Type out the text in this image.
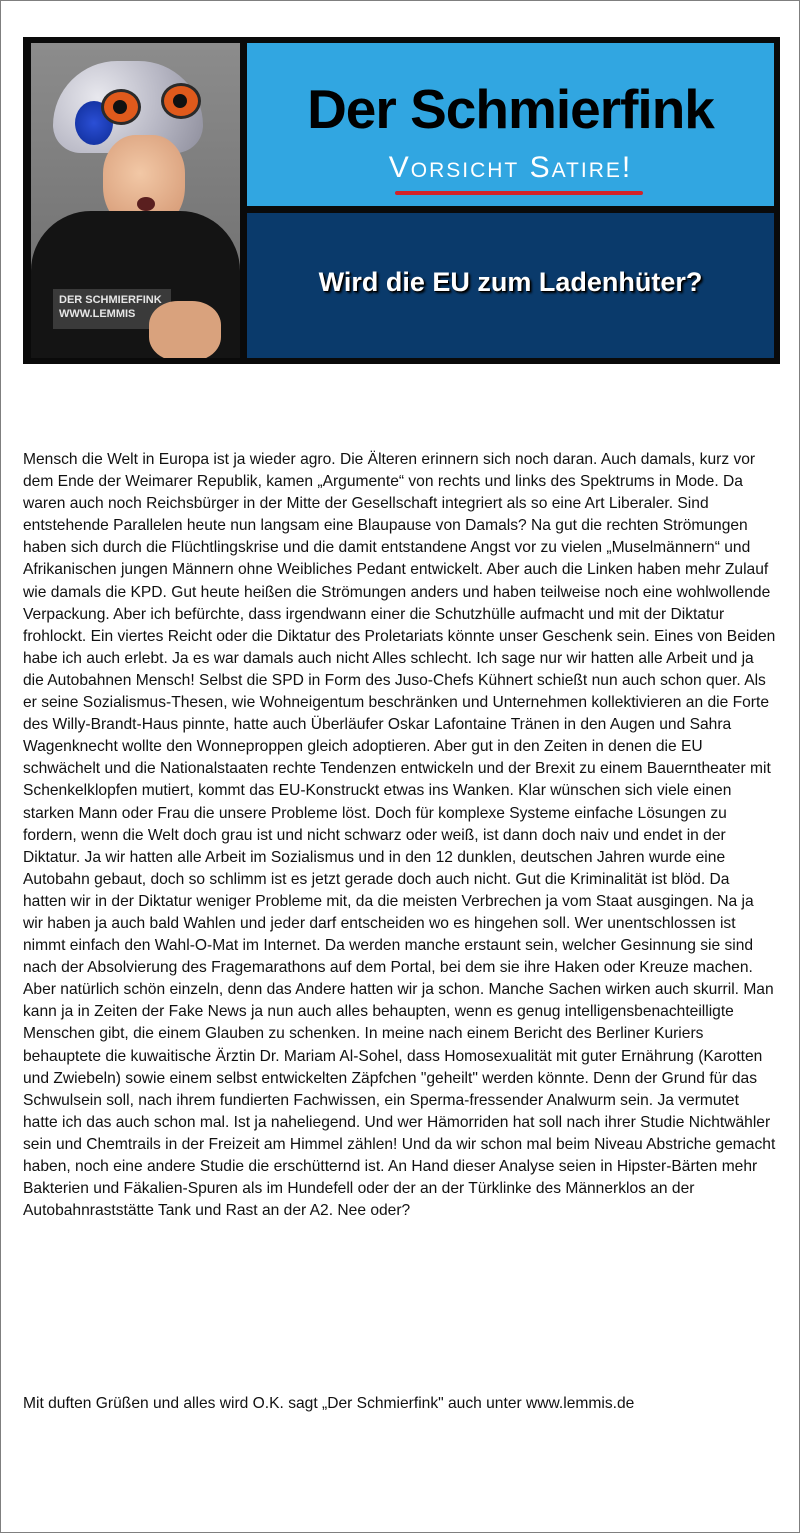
DER SCHMIERFINK WWW.LEMMIS
Der Schmierfink
Vorsicht Satire!
Wird die EU zum Ladenhüter?

Mensch die Welt in Europa ist ja wieder agro. Die Älteren erinnern sich noch daran. Auch damals, kurz vor dem Ende der Weimarer Republik, kamen „Argumente“ von rechts und links des Spektrums in Mode. Da waren auch noch Reichsbürger in der Mitte der Gesellschaft integriert als so eine Art Liberaler. Sind entstehende Parallelen heute nun langsam eine Blaupause von Damals? Na gut die rechten Strömungen haben sich durch die Flüchtlingskrise und die damit entstandene Angst vor zu vielen „Muselmännern“ und Afrikanischen jungen Männern ohne Weibliches Pedant entwickelt. Aber auch die Linken haben mehr Zulauf wie damals die KPD. Gut heute heißen die Strömungen anders und haben teilweise noch eine wohlwollende Verpackung. Aber ich befürchte, dass irgendwann einer die Schutzhülle aufmacht und mit der Diktatur frohlockt. Ein viertes Reicht oder die Diktatur des Proletariats könnte unser Geschenk sein. Eines von Beiden habe ich auch erlebt. Ja es war damals auch nicht Alles schlecht. Ich sage nur wir hatten alle Arbeit und ja die Autobahnen Mensch! Selbst die SPD in Form des Juso-Chefs Kühnert schießt nun auch schon quer. Als er seine Sozialismus-Thesen, wie Wohneigentum beschränken und Unternehmen kollektivieren an die Forte des Willy-Brandt-Haus pinnte, hatte auch Überläufer Oskar Lafontaine Tränen in den Augen und Sahra Wagenknecht wollte den Wonneproppen gleich adoptieren. Aber gut in den Zeiten in denen die EU schwächelt und die Nationalstaaten rechte Tendenzen entwickeln und der Brexit zu einem Bauerntheater mit Schenkelklopfen mutiert, kommt das EU-Konstruckt etwas ins Wanken. Klar wünschen sich viele einen starken Mann oder Frau die unsere Probleme löst. Doch für komplexe Systeme einfache Lösungen zu fordern, wenn die Welt doch grau ist und nicht schwarz oder weiß, ist dann doch naiv und endet in der Diktatur. Ja wir hatten alle Arbeit im Sozialismus und in den 12 dunklen, deutschen Jahren wurde eine Autobahn gebaut, doch so schlimm ist es jetzt gerade doch auch nicht. Gut die Kriminalität ist blöd. Da hatten wir in der Diktatur weniger Probleme mit, da die meisten Verbrechen ja vom Staat ausgingen. Na ja wir haben ja auch bald Wahlen und jeder darf entscheiden wo es hingehen soll. Wer unentschlossen ist nimmt einfach den Wahl-O-Mat im Internet. Da werden manche erstaunt sein, welcher Gesinnung sie sind nach der Absolvierung des Fragemarathons auf dem Portal, bei dem sie ihre Haken oder Kreuze machen. Aber natürlich schön einzeln, denn das Andere hatten wir ja schon. Manche Sachen wirken auch skurril. Man kann ja in Zeiten der Fake News ja nun auch alles behaupten, wenn es genug intelligensbenachteilligte Menschen gibt, die einem Glauben zu schenken. In meine nach einem Bericht des Berliner Kuriers behauptete die kuwaitische Ärztin Dr. Mariam Al-Sohel, dass Homosexualität mit guter Ernährung (Karotten und Zwiebeln) sowie einem selbst entwickelten Zäpfchen "geheilt" werden könnte. Denn der Grund für das Schwulsein soll, nach ihrem fundierten Fachwissen, ein Sperma-fressender Analwurm sein. Ja vermutet hatte ich das auch schon mal. Ist ja naheliegend. Und wer Hämorriden hat soll nach ihrer Studie Nichtwähler sein und Chemtrails in der Freizeit am Himmel zählen! Und da wir schon mal beim Niveau Abstriche gemacht haben, noch eine andere Studie die erschütternd ist. An Hand dieser Analyse seien in Hipster-Bärten mehr Bakterien und Fäkalien-Spuren als im Hundefell oder der an der Türklinke des Männerklos an der Autobahnraststätte Tank und Rast an der A2. Nee oder?

Mit duften Grüßen und alles wird O.K. sagt „Der Schmierfink" auch unter www.lemmis.de
